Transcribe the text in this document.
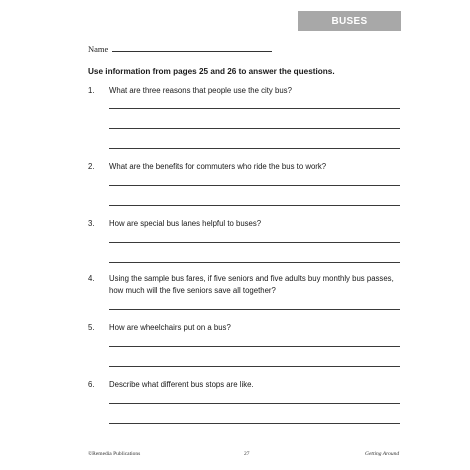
BUSES
Name
Use information from pages 25 and 26 to answer the questions.
1. What are three reasons that people use the city bus?
2. What are the benefits for commuters who ride the bus to work?
3. How are special bus lanes helpful to buses?
4. Using the sample bus fares, if five seniors and five adults buy monthly bus passes, how much will the five seniors save all together?
5. How are wheelchairs put on a bus?
6. Describe what different bus stops are like.
©Remedia Publications	27	Getting Around
